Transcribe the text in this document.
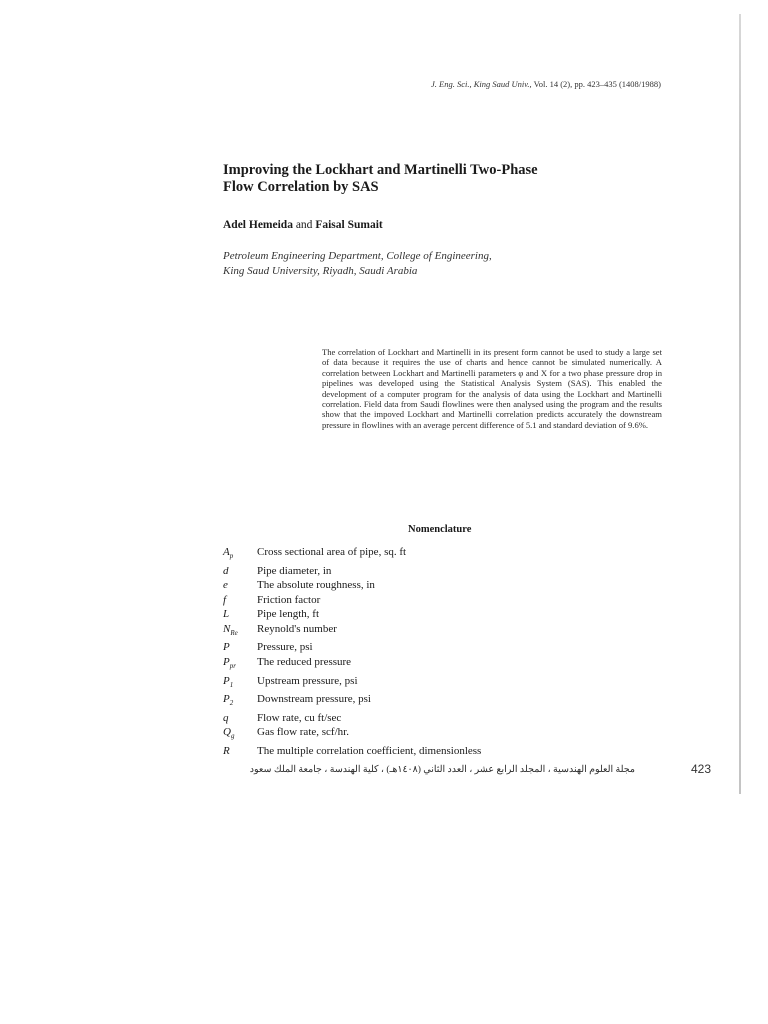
J. Eng. Sci., King Saud Univ., Vol. 14 (2), pp. 423–435 (1408/1988)
Improving the Lockhart and Martinelli Two-Phase
Flow Correlation by SAS
Adel Hemeida and Faisal Sumait
Petroleum Engineering Department, College of Engineering,
King Saud University, Riyadh, Saudi Arabia
The correlation of Lockhart and Martinelli in its present form cannot be used to study a large set of data because it requires the use of charts and hence cannot be simulated numerically. A correlation between Lockhart and Martinelli parameters φ and X for a two phase pressure drop in pipelines was developed using the Statistical Analysis System (SAS). This enabled the development of a computer program for the analysis of data using the Lockhart and Martinelli correlation. Field data from Saudi flowlines were then analysed using the program and the results show that the impoved Lockhart and Martinelli correlation predicts accurately the downstream pressure in flowlines with an average percent difference of 5.1 and standard deviation of 9.6%.
Nomenclature
$A_p$	Cross sectional area of pipe, sq. ft
d	Pipe diameter, in
e	The absolute roughness, in
f	Friction factor
L	Pipe length, ft
$N_{Re}$	Reynold's number
P	Pressure, psi
$P_{pr}$	The reduced pressure
$P_1$	Upstream pressure, psi
$P_2$	Downstream pressure, psi
q	Flow rate, cu ft/sec
$Q_g$	Gas flow rate, scf/hr.
R	The multiple correlation coefficient, dimensionless
مجلة العلوم الهندسية ، المجلد الرابع عشر ، العدد الثاني (١٤٠٨هـ) ، كلية الهندسة ، جامعة الملك سعود	423
